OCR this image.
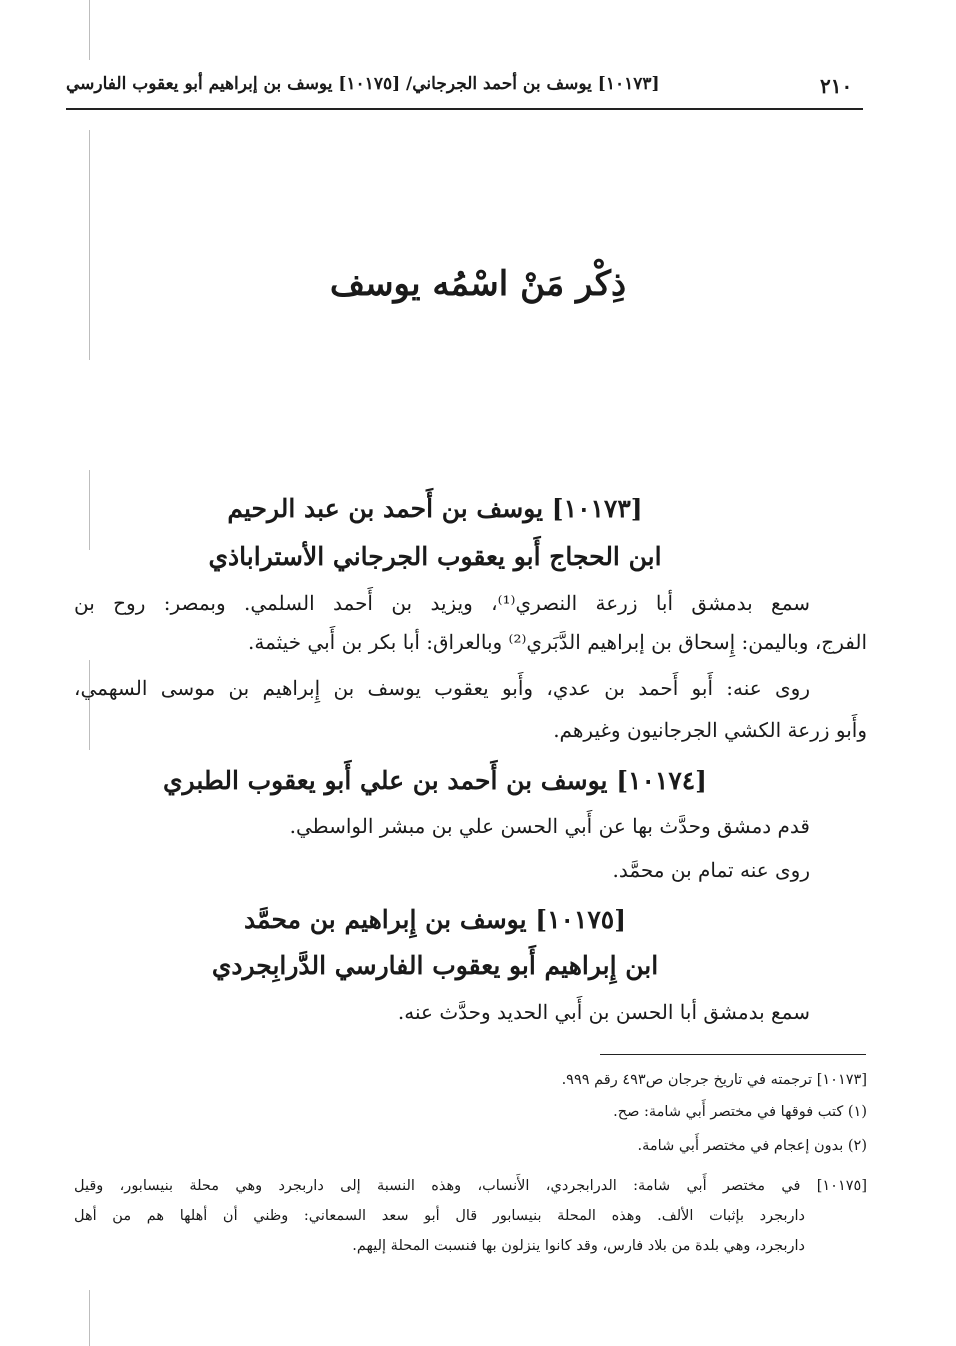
٢١٠
[١٠١٧٣] يوسف بن أحمد الجرجاني/ [١٠١٧٥] يوسف بن إبراهيم أبو يعقوب الفارسي
ذِكْر مَنْ اسْمُه يوسف
[١٠١٧٣] يوسف بن أَحمد بن عبد الرحيم
ابن الحجاج أَبو يعقوب الجرجاني الأستراباذي
سمع بدمشق أبا زرعة النصري⁽¹⁾، ويزيد بن أَحمد السلمي. وبمصر: روح بن
الفرج، وباليمن: إِسحاق بن إبراهيم الدَّبَري⁽²⁾ وبالعراق: أبا بكر بن أَبي خيثمة.
روى عنه: أَبو أَحمد بن عدي، وأَبو يعقوب يوسف بن إِبراهيم بن موسى السهمي،
وأَبو زرعة الكشي الجرجانيون وغيرهم.
[١٠١٧٤] يوسف بن أَحمد بن علي أَبو يعقوب الطبري
قدم دمشق وحدَّث بها عن أَبي الحسن علي بن مبشر الواسطي.
روى عنه تمام بن محمَّد.
[١٠١٧٥] يوسف بن إِبراهيم بن محمَّد
ابن إِبراهيم أَبو يعقوب الفارسي الدَّرابِجردي
سمع بدمشق أبا الحسن بن أَبي الحديد وحدَّث عنه.
[١٠١٧٣] ترجمته في تاريخ جرجان ص٤٩٣ رقم ٩٩٩.
(١) كتب فوقها في مختصر أَبي شامة: صح.
(٢) بدون إعجام في مختصر أَبي شامة.
[١٠١٧٥] في مختصر أَبي شامة: الدرابجردي، الأَنساب، وهذه النسبة إلى داربجرد وهي محلة بنيسابور، وقيل
داربجرد بإثبات الألف. وهذه المحلة بنيسابور قال أبو سعد السمعاني: وظني أن أهلها هم من أهل
داربجرد، وهي بلدة من بلاد فارس، وقد كانوا ينزلون بها فنسبت المحلة إليهم.
